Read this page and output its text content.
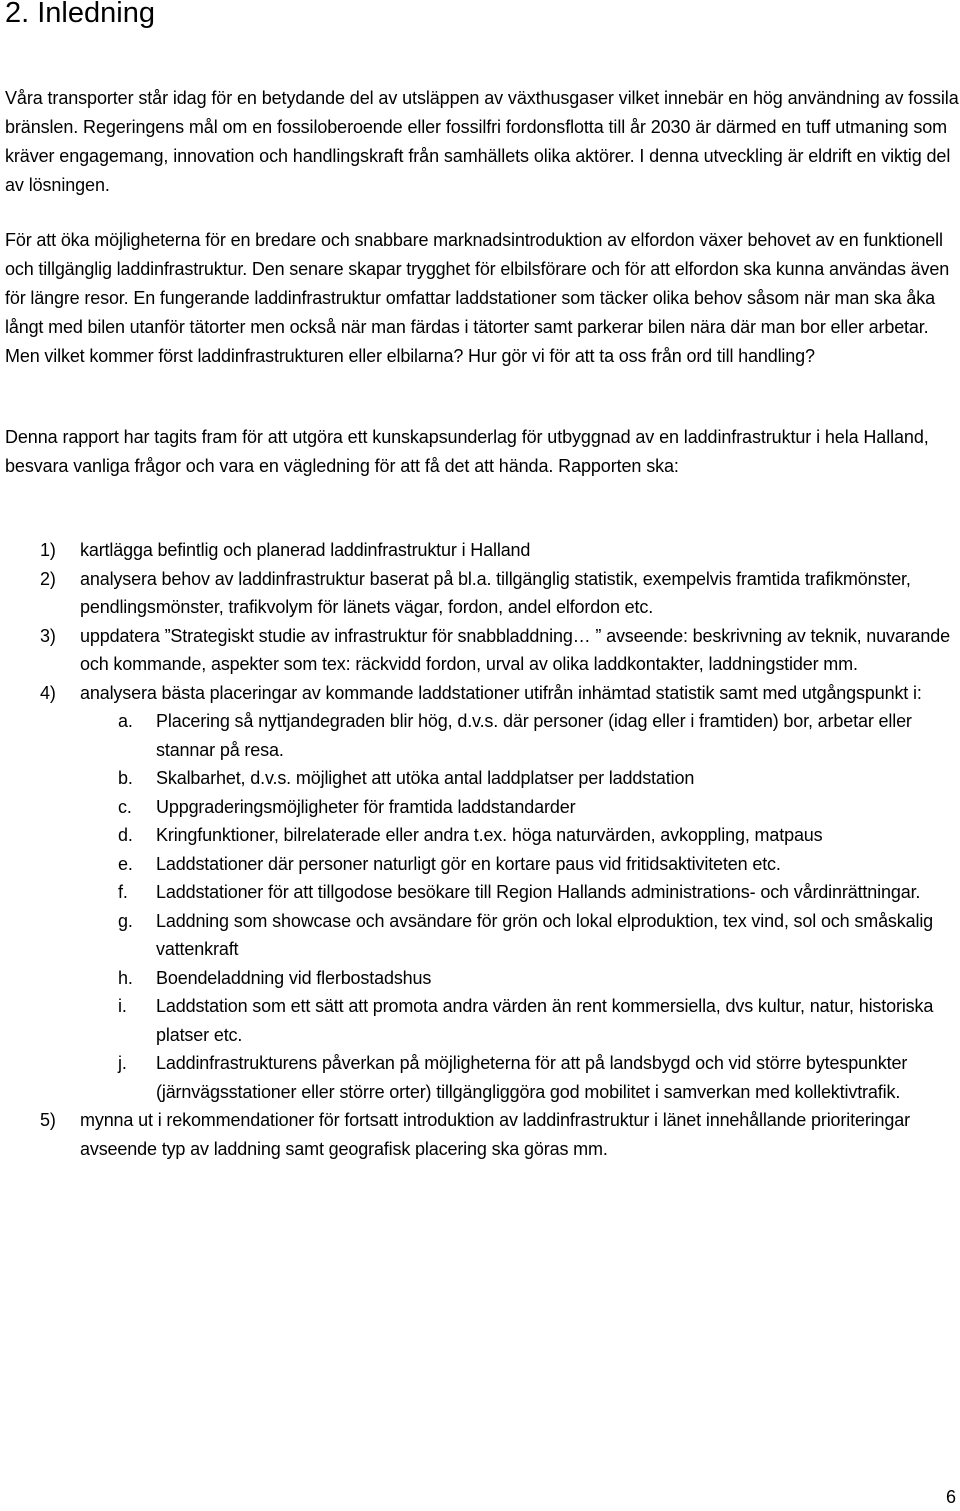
2. Inledning

Våra transporter står idag för en betydande del av utsläppen av växthusgaser vilket innebär en hög användning av fossila bränslen. Regeringens mål om en fossiloberoende eller fossilfri fordonsflotta till år 2030 är därmed en tuff utmaning som kräver engagemang, innovation och handlingskraft från samhällets olika aktörer. I denna utveckling är eldrift en viktig del av lösningen.

För att öka möjligheterna för en bredare och snabbare marknadsintroduktion av elfordon växer behovet av en funktionell och tillgänglig laddinfrastruktur. Den senare skapar trygghet för elbilsförare och för att elfordon ska kunna användas även för längre resor. En fungerande laddinfrastruktur omfattar laddstationer som täcker olika behov såsom när man ska åka långt med bilen utanför tätorter men också när man färdas i tätorter samt parkerar bilen nära där man bor eller arbetar. Men vilket kommer först laddinfrastrukturen eller elbilarna? Hur gör vi för att ta oss från ord till handling?

Denna rapport har tagits fram för att utgöra ett kunskapsunderlag för utbyggnad av en laddinfrastruktur i hela Halland, besvara vanliga frågor och vara en vägledning för att få det att hända. Rapporten ska:

1) kartlägga befintlig och planerad laddinfrastruktur i Halland
2) analysera behov av laddinfrastruktur baserat på bl.a. tillgänglig statistik, exempelvis framtida trafikmönster, pendlingsmönster, trafikvolym för länets vägar, fordon, andel elfordon etc.
3) uppdatera ”Strategiskt studie av infrastruktur för snabbladdning… ” avseende: beskrivning av teknik, nuvarande och kommande, aspekter som tex: räckvidd fordon, urval av olika laddkontakter, laddningstider mm.
4) analysera bästa placeringar av kommande laddstationer utifrån inhämtad statistik samt med utgångspunkt i:
a. Placering så nyttjandegraden blir hög, d.v.s. där personer (idag eller i framtiden) bor, arbetar eller stannar på resa.
b. Skalbarhet, d.v.s. möjlighet att utöka antal laddplatser per laddstation
c. Uppgraderingsmöjligheter för framtida laddstandarder
d. Kringfunktioner, bilrelaterade eller andra t.ex. höga naturvärden, avkoppling, matpaus
e. Laddstationer där personer naturligt gör en kortare paus vid fritidsaktiviteten etc.
f. Laddstationer för att tillgodose besökare till Region Hallands administrations- och vårdinrättningar.
g. Laddning som showcase och avsändare för grön och lokal elproduktion, tex vind, sol och småskalig vattenkraft
h. Boendeladdning vid flerbostadshus
i. Laddstation som ett sätt att promota andra värden än rent kommersiella, dvs kultur, natur, historiska platser etc.
j. Laddinfrastrukturens påverkan på möjligheterna för att på landsbygd och vid större bytespunkter (järnvägsstationer eller större orter) tillgängliggöra god mobilitet i samverkan med kollektivtrafik.
5) mynna ut i rekommendationer för fortsatt introduktion av laddinfrastruktur i länet innehållande prioriteringar avseende typ av laddning samt geografisk placering ska göras mm.
6
